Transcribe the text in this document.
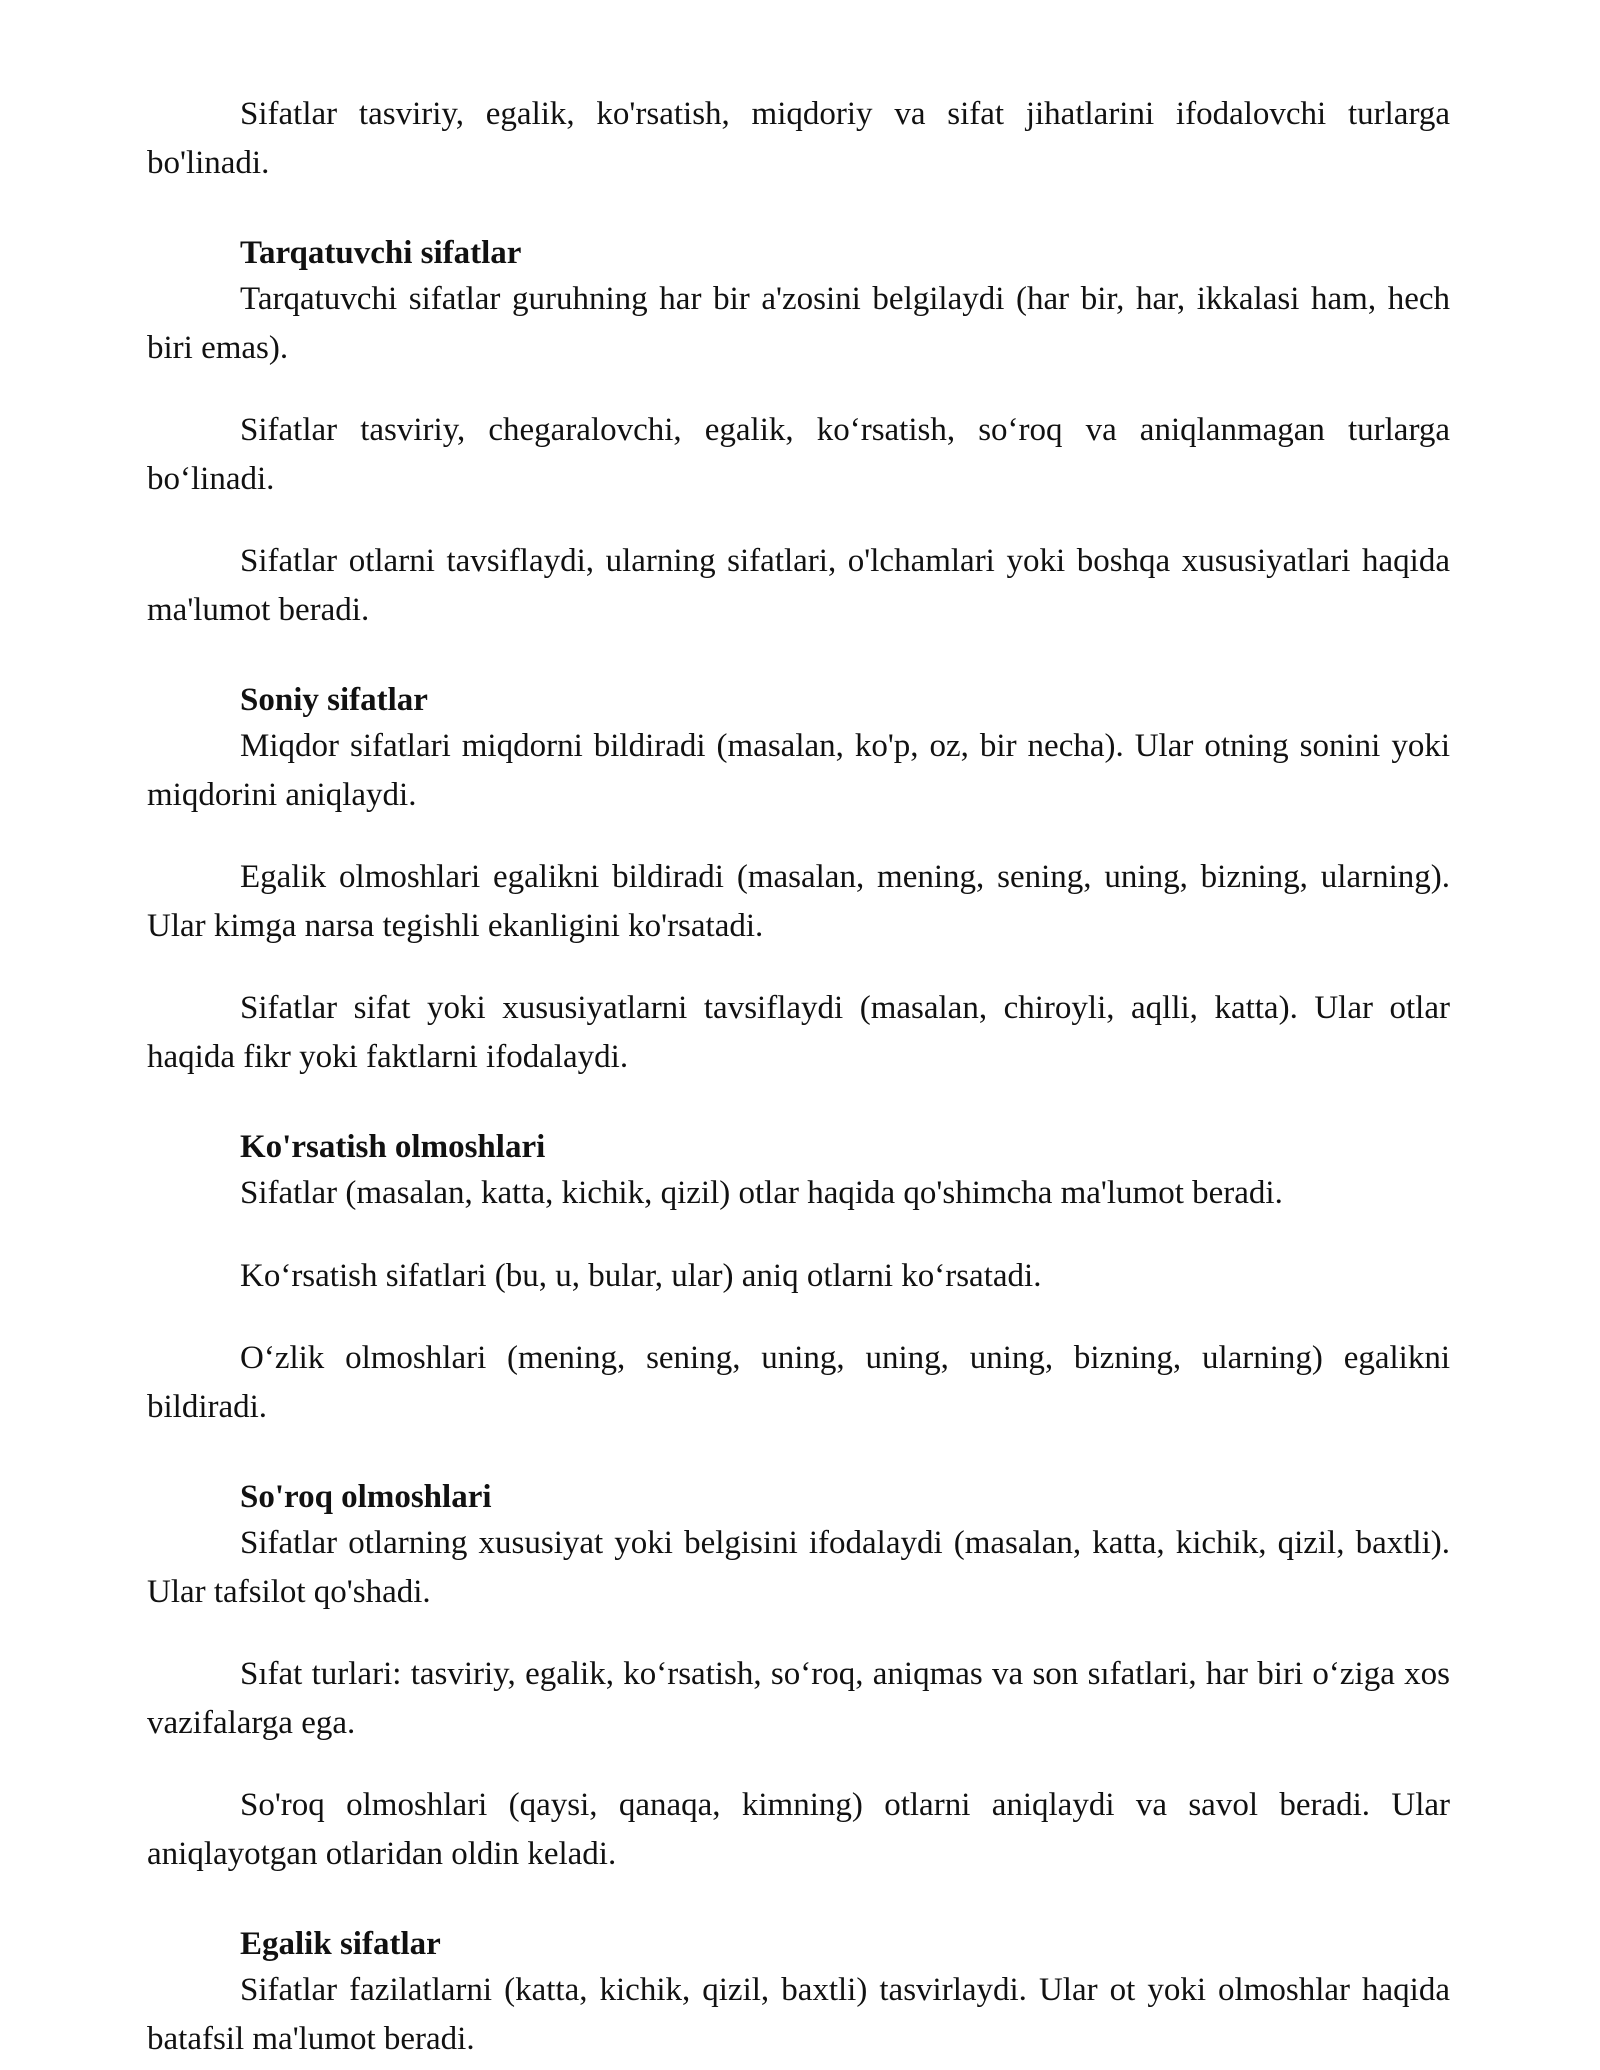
Sifatlar tasviriy, egalik, ko'rsatish, miqdoriy va sifat jihatlarini ifodalovchi turlarga bo'linadi.

Tarqatuvchi sifatlar

Tarqatuvchi sifatlar guruhning har bir a'zosini belgilaydi (har bir, har, ikkalasi ham, hech biri emas).

Sifatlar tasviriy, chegaralovchi, egalik, ko‘rsatish, so‘roq va aniqlanmagan turlarga bo‘linadi.

Sifatlar otlarni tavsiflaydi, ularning sifatlari, o'lchamlari yoki boshqa xususiyatlari haqida ma'lumot beradi.

Soniy sifatlar

Miqdor sifatlari miqdorni bildiradi (masalan, ko'p, oz, bir necha). Ular otning sonini yoki miqdorini aniqlaydi.

Egalik olmoshlari egalikni bildiradi (masalan, mening, sening, uning, bizning, ularning). Ular kimga narsa tegishli ekanligini ko'rsatadi.

Sifatlar sifat yoki xususiyatlarni tavsiflaydi (masalan, chiroyli, aqlli, katta). Ular otlar haqida fikr yoki faktlarni ifodalaydi.

Ko'rsatish olmoshlari

Sifatlar (masalan, katta, kichik, qizil) otlar haqida qo'shimcha ma'lumot beradi.

Ko‘rsatish sifatlari (bu, u, bular, ular) aniq otlarni ko‘rsatadi.

O‘zlik olmoshlari (mening, sening, uning, uning, uning, bizning, ularning) egalikni bildiradi.

So'roq olmoshlari

Sifatlar otlarning xususiyat yoki belgisini ifodalaydi (masalan, katta, kichik, qizil, baxtli). Ular tafsilot qo'shadi.

Sıfat turlari: tasviriy, egalik, ko‘rsatish, so‘roq, aniqmas va son sıfatlari, har biri o‘ziga xos vazifalarga ega.

So'roq olmoshlari (qaysi, qanaqa, kimning) otlarni aniqlaydi va savol beradi. Ular aniqlayotgan otlaridan oldin keladi.

Egalik sifatlar

Sifatlar fazilatlarni (katta, kichik, qizil, baxtli) tasvirlaydi. Ular ot yoki olmoshlar haqida batafsil ma'lumot beradi.
